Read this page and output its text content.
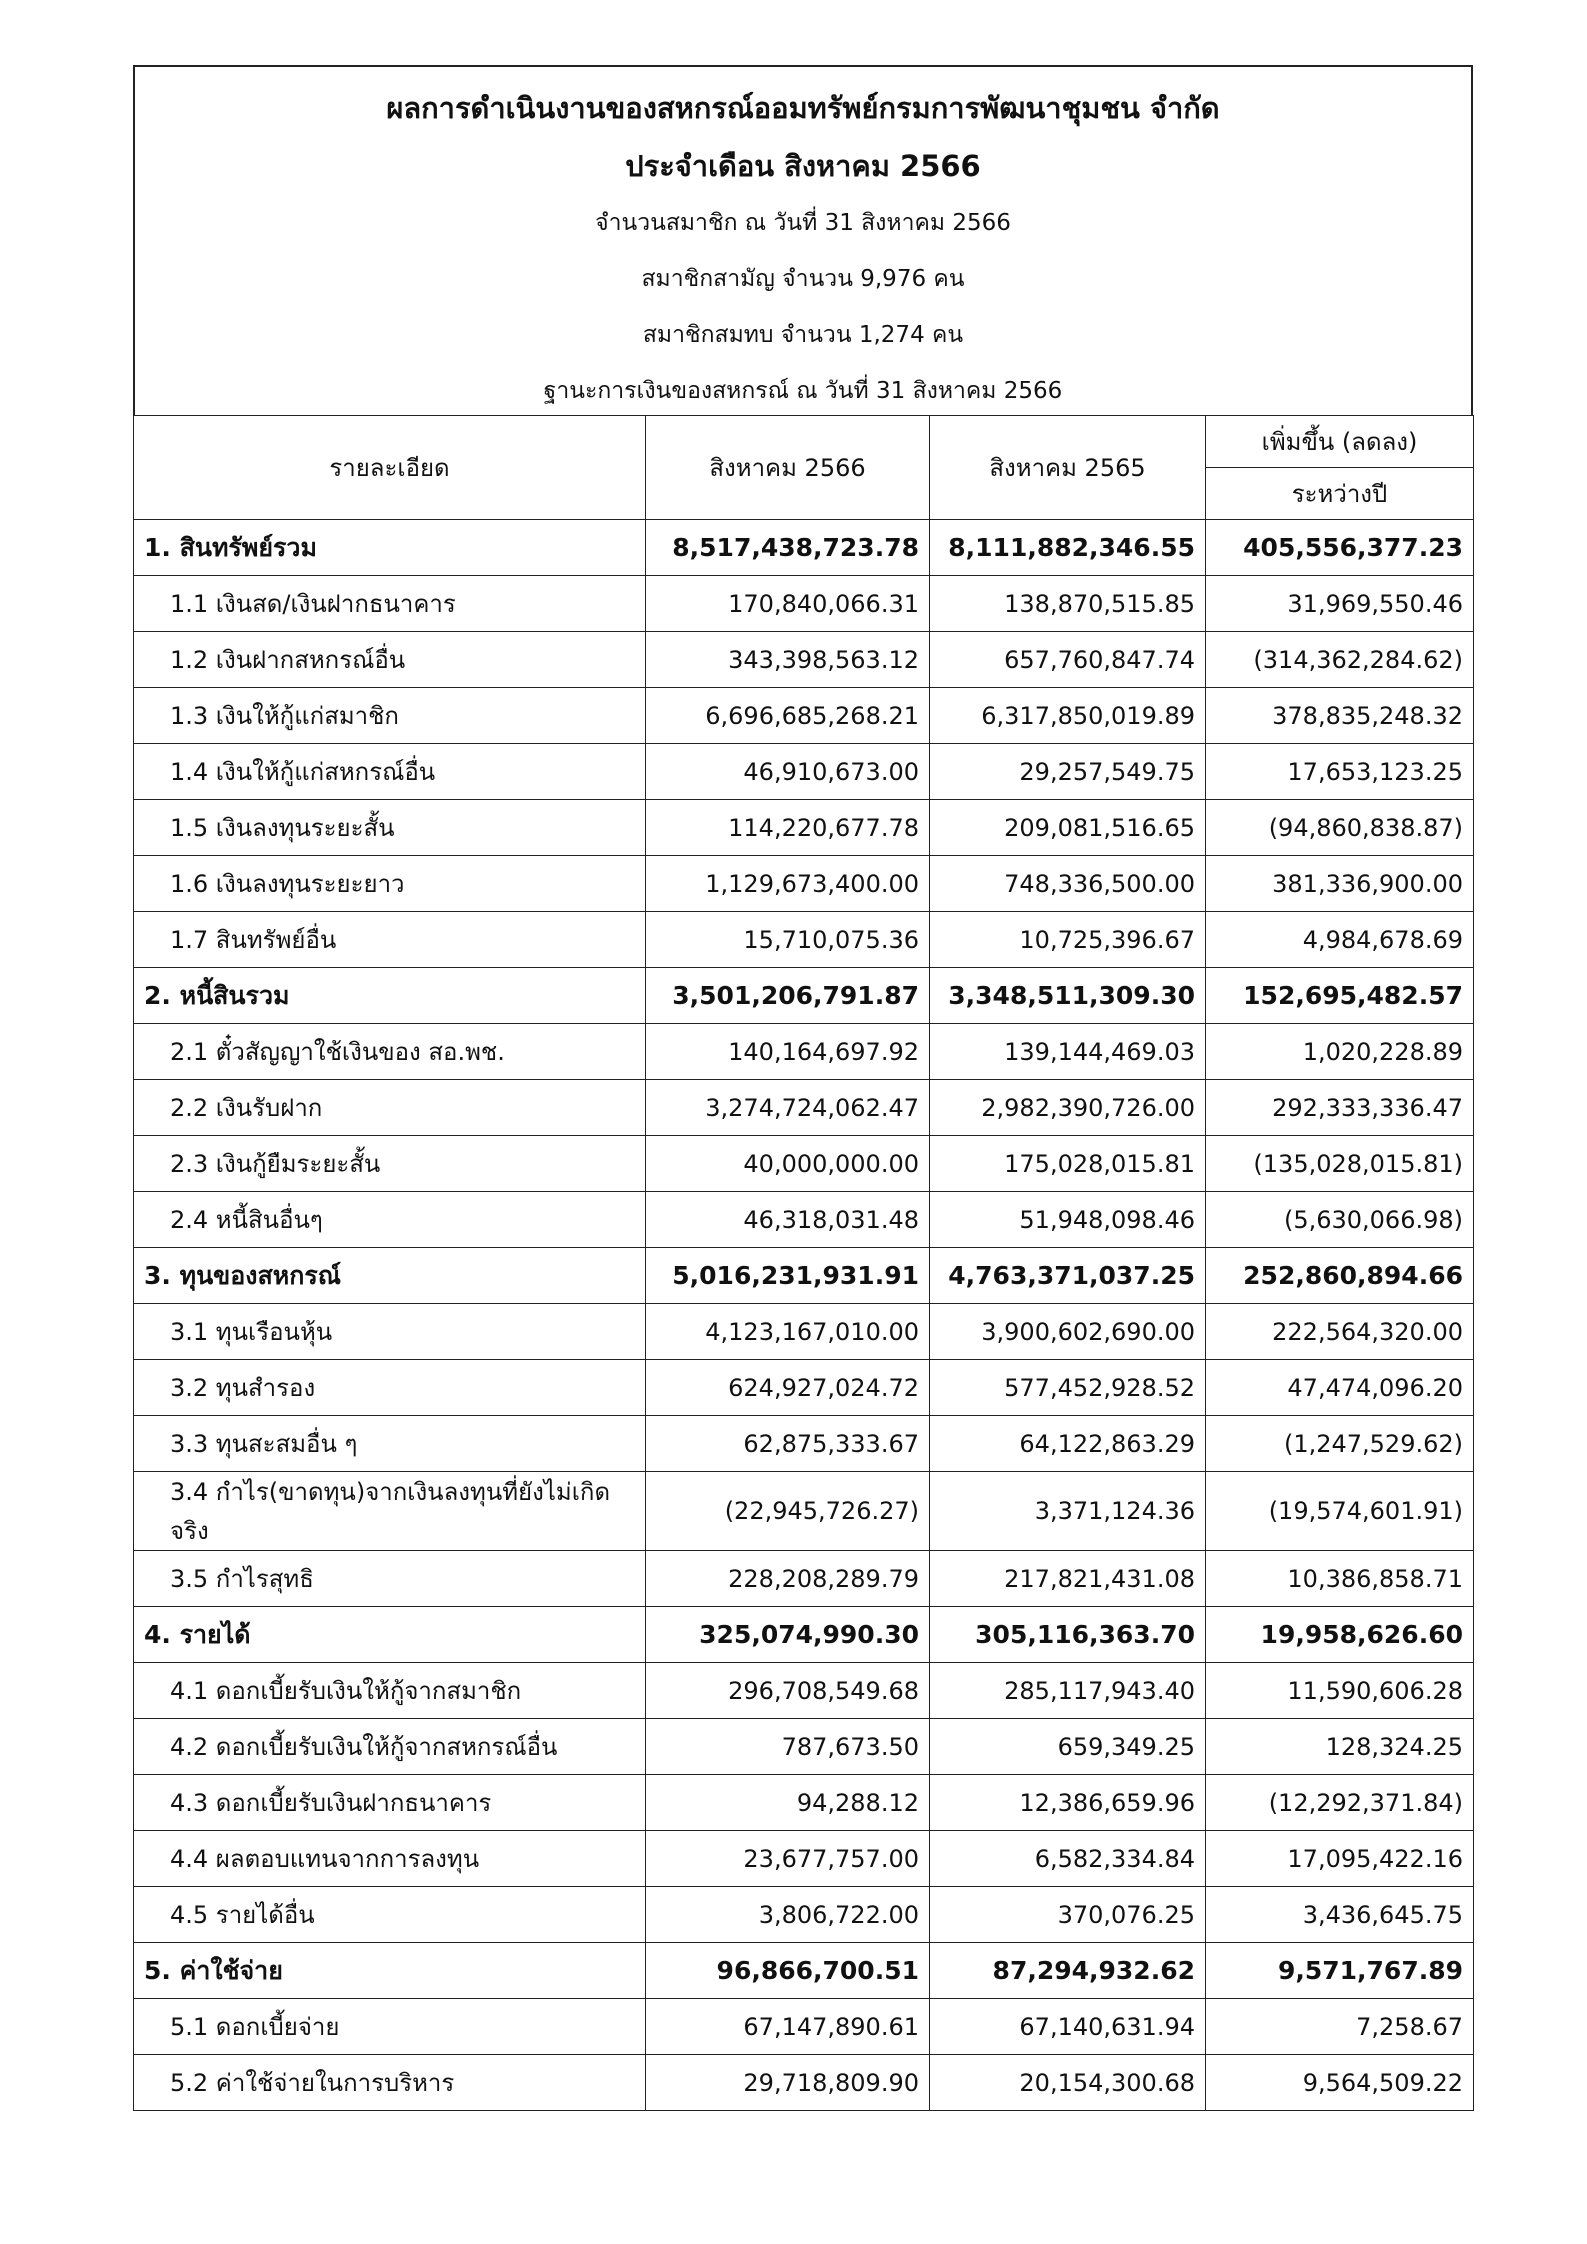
ผลการดำเนินงานของสหกรณ์ออมทรัพย์กรมการพัฒนาชุมชน จำกัด
ประจำเดือน สิงหาคม 2566
จำนวนสมาชิก ณ วันที่ 31 สิงหาคม 2566
สมาชิกสามัญ จำนวน 9,976 คน
สมาชิกสมทบ จำนวน 1,274 คน
ฐานะการเงินของสหกรณ์ ณ วันที่ 31 สิงหาคม 2566
รายละเอียด	สิงหาคม 2566	สิงหาคม 2565	เพิ่มขึ้น (ลดลง)
			ระหว่างปี
1. สินทรัพย์รวม	8,517,438,723.78	8,111,882,346.55	405,556,377.23
1.1 เงินสด/เงินฝากธนาคาร	170,840,066.31	138,870,515.85	31,969,550.46
1.2 เงินฝากสหกรณ์อื่น	343,398,563.12	657,760,847.74	(314,362,284.62)
1.3 เงินให้กู้แก่สมาชิก	6,696,685,268.21	6,317,850,019.89	378,835,248.32
1.4 เงินให้กู้แก่สหกรณ์อื่น	46,910,673.00	29,257,549.75	17,653,123.25
1.5 เงินลงทุนระยะสั้น	114,220,677.78	209,081,516.65	(94,860,838.87)
1.6 เงินลงทุนระยะยาว	1,129,673,400.00	748,336,500.00	381,336,900.00
1.7 สินทรัพย์อื่น	15,710,075.36	10,725,396.67	4,984,678.69
2. หนี้สินรวม	3,501,206,791.87	3,348,511,309.30	152,695,482.57
2.1 ตั๋วสัญญาใช้เงินของ สอ.พช.	140,164,697.92	139,144,469.03	1,020,228.89
2.2 เงินรับฝาก	3,274,724,062.47	2,982,390,726.00	292,333,336.47
2.3 เงินกู้ยืมระยะสั้น	40,000,000.00	175,028,015.81	(135,028,015.81)
2.4 หนี้สินอื่นๆ	46,318,031.48	51,948,098.46	(5,630,066.98)
3. ทุนของสหกรณ์	5,016,231,931.91	4,763,371,037.25	252,860,894.66
3.1 ทุนเรือนหุ้น	4,123,167,010.00	3,900,602,690.00	222,564,320.00
3.2 ทุนสำรอง	624,927,024.72	577,452,928.52	47,474,096.20
3.3 ทุนสะสมอื่น ๆ	62,875,333.67	64,122,863.29	(1,247,529.62)
3.4 กำไร(ขาดทุน)จากเงินลงทุนที่ยังไม่เกิดจริง	(22,945,726.27)	3,371,124.36	(19,574,601.91)
3.5 กำไรสุทธิ	228,208,289.79	217,821,431.08	10,386,858.71
4. รายได้	325,074,990.30	305,116,363.70	19,958,626.60
4.1 ดอกเบี้ยรับเงินให้กู้จากสมาชิก	296,708,549.68	285,117,943.40	11,590,606.28
4.2 ดอกเบี้ยรับเงินให้กู้จากสหกรณ์อื่น	787,673.50	659,349.25	128,324.25
4.3 ดอกเบี้ยรับเงินฝากธนาคาร	94,288.12	12,386,659.96	(12,292,371.84)
4.4 ผลตอบแทนจากการลงทุน	23,677,757.00	6,582,334.84	17,095,422.16
4.5 รายได้อื่น	3,806,722.00	370,076.25	3,436,645.75
5. ค่าใช้จ่าย	96,866,700.51	87,294,932.62	9,571,767.89
5.1 ดอกเบี้ยจ่าย	67,147,890.61	67,140,631.94	7,258.67
5.2 ค่าใช้จ่ายในการบริหาร	29,718,809.90	20,154,300.68	9,564,509.22
